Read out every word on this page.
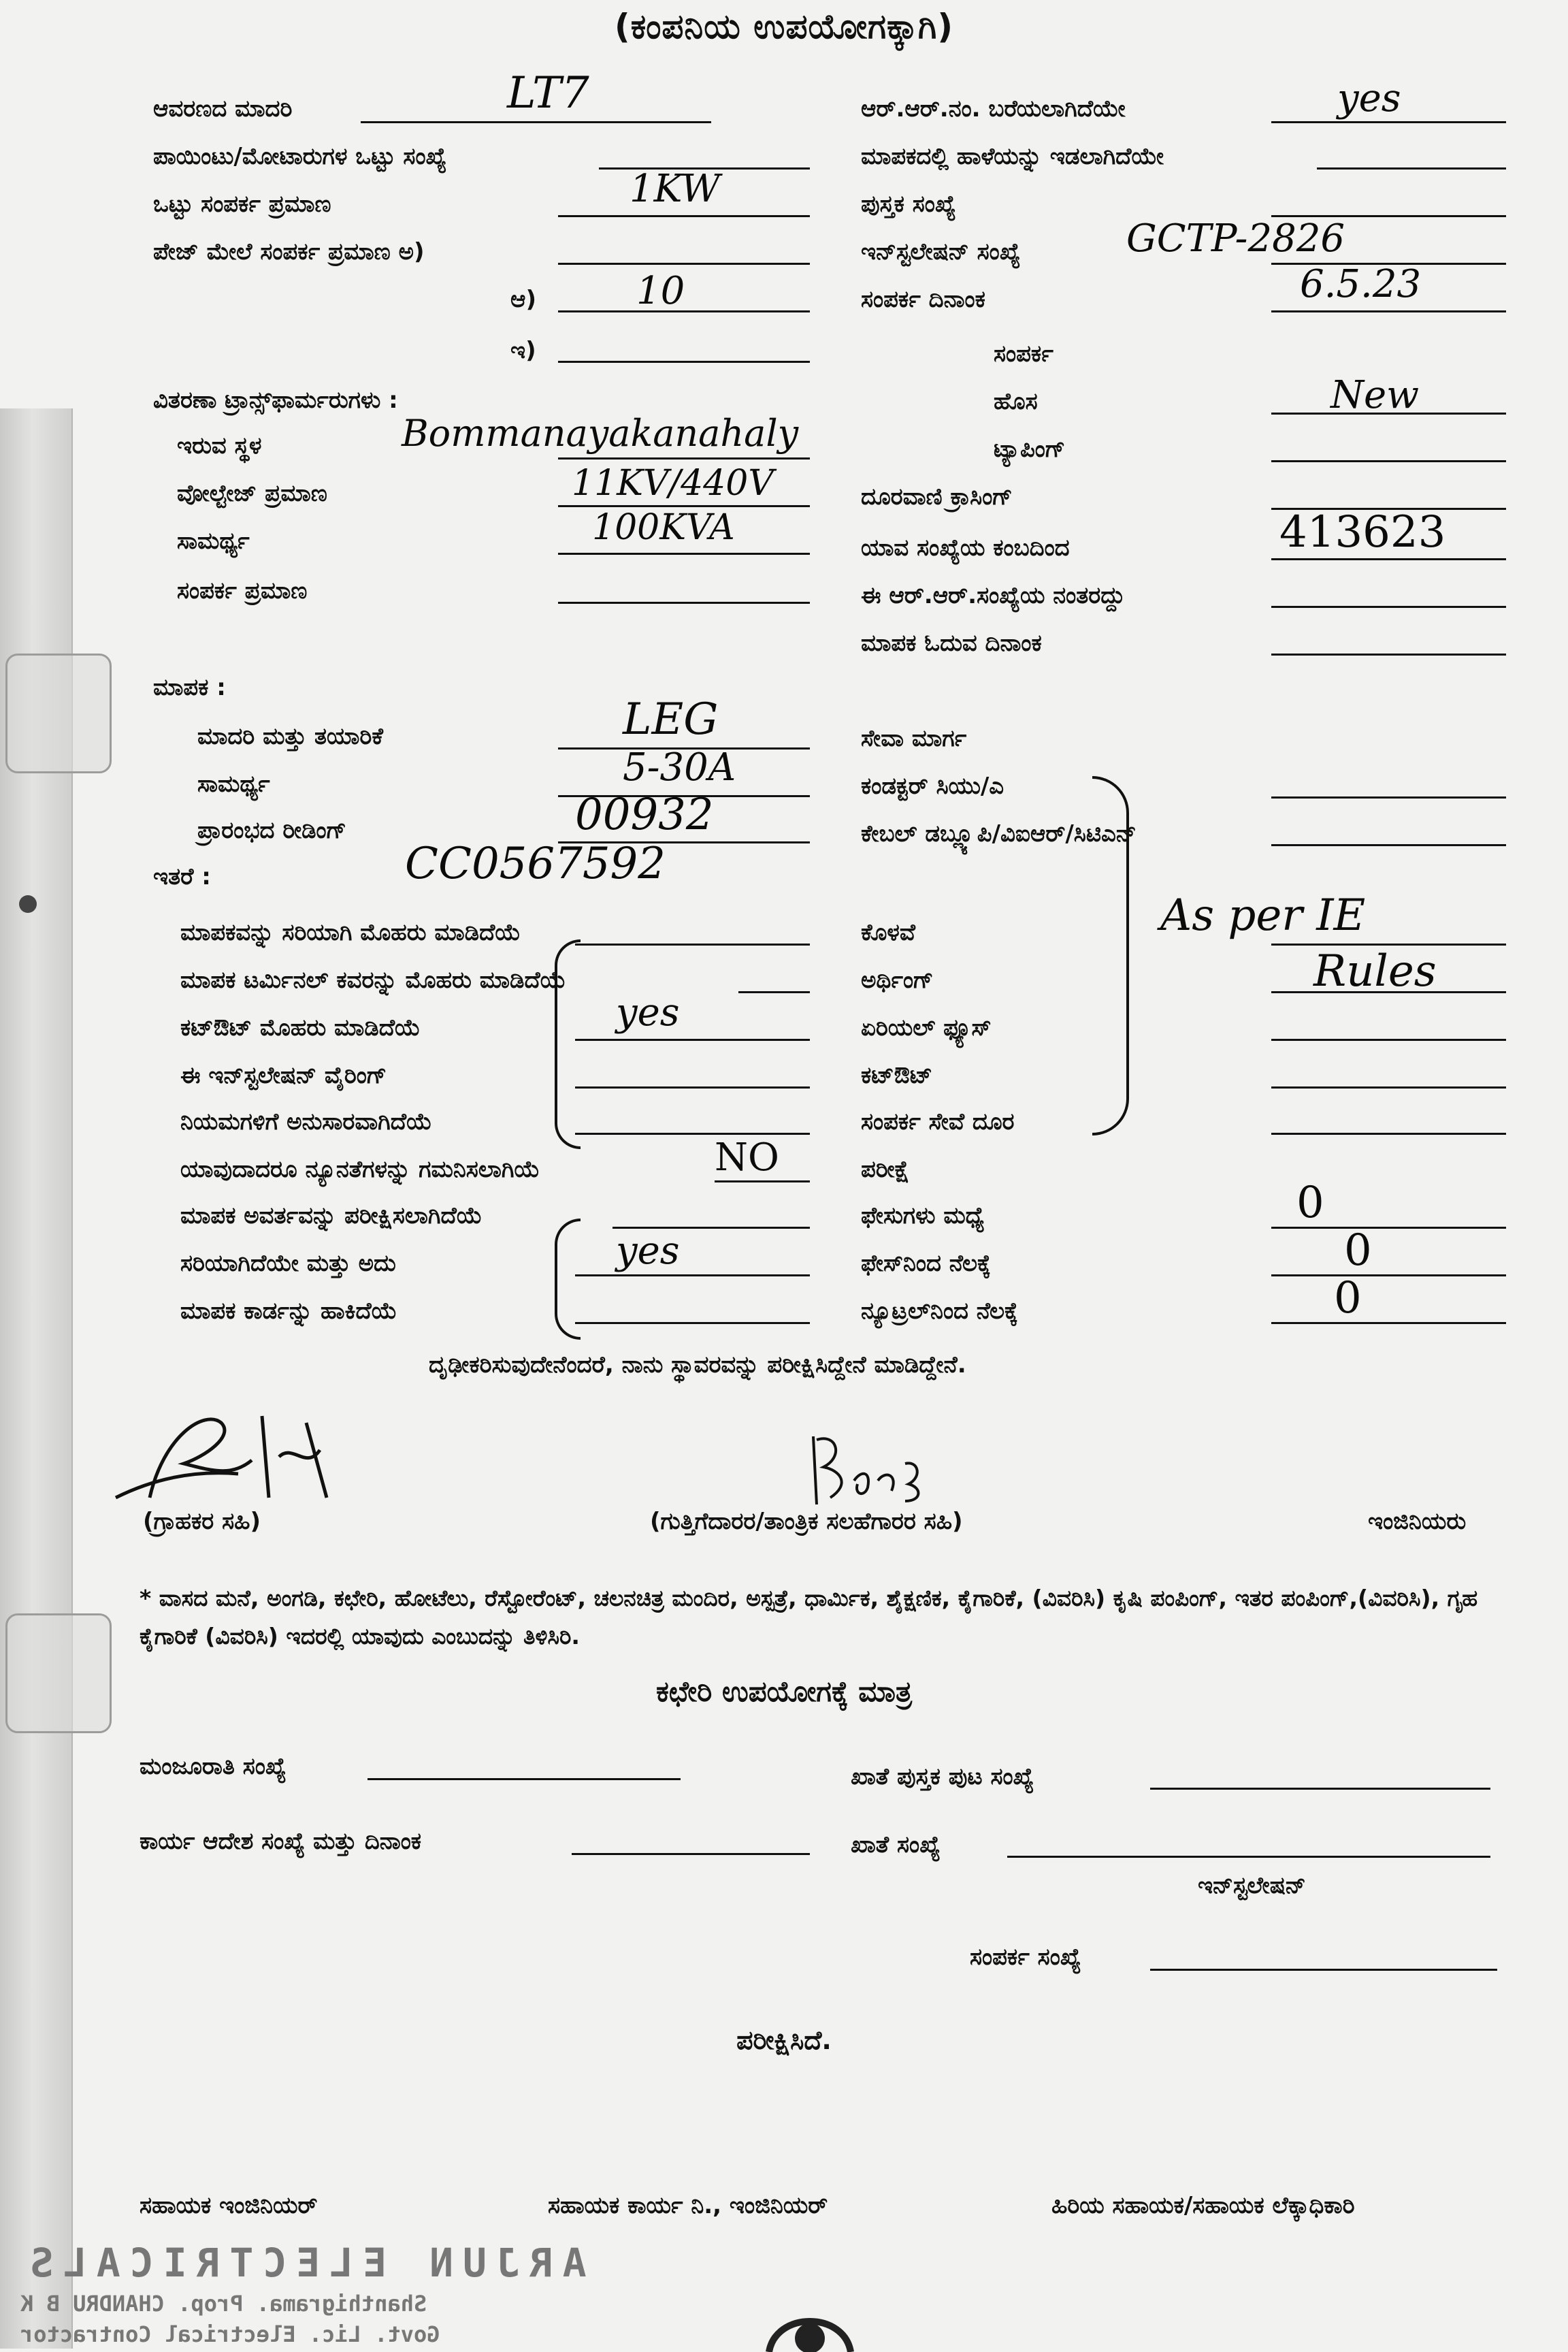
(ಕಂಪನಿಯ ಉಪಯೋಗಕ್ಕಾಗಿ)
ಆವರಣದ ಮಾದರಿ	LT7
ಪಾಯಿಂಟು/ಮೋಟಾರುಗಳ ಒಟ್ಟು ಸಂಖ್ಯೆ
ಒಟ್ಟು ಸಂಪರ್ಕ ಪ್ರಮಾಣ	1KW
ಪೇಜ್ ಮೇಲೆ ಸಂಪರ್ಕ ಪ್ರಮಾಣ ಅ)
ಆ)	10
ಇ)
ವಿತರಣಾ ಟ್ರಾನ್ಸ್‌ಫಾರ್ಮರುಗಳು :
ಇರುವ ಸ್ಥಳ	Bommanayakanahaly
ವೋಲ್ಟೇಜ್ ಪ್ರಮಾಣ	11KV/440V
ಸಾಮರ್ಥ್ಯ	100KVA
ಸಂಪರ್ಕ ಪ್ರಮಾಣ
ಮಾಪಕ :
ಮಾದರಿ ಮತ್ತು ತಯಾರಿಕೆ	LEG
ಸಾಮರ್ಥ್ಯ	5-30A
ಪ್ರಾರಂಭದ ರೀಡಿಂಗ್	00932
ಇತರೆ :	CC0567592
ಮಾಪಕವನ್ನು ಸರಿಯಾಗಿ ಮೊಹರು ಮಾಡಿದೆಯೆ
ಮಾಪಕ ಟರ್ಮಿನಲ್ ಕವರನ್ನು ಮೊಹರು ಮಾಡಿದೆಯೆ
ಕಟ್‌ಔಟ್ ಮೊಹರು ಮಾಡಿದೆಯೆ	yes
ಈ ಇನ್‌ಸ್ಟಲೇಷನ್ ವೈರಿಂಗ್
ನಿಯಮಗಳಿಗೆ ಅನುಸಾರವಾಗಿದೆಯೆ
ಯಾವುದಾದರೂ ನ್ಯೂನತೆಗಳನ್ನು ಗಮನಿಸಲಾಗಿಯೆ	NO
ಮಾಪಕ ಅವರ್ತವನ್ನು ಪರೀಕ್ಷಿಸಲಾಗಿದೆಯೆ
ಸರಿಯಾಗಿದೆಯೇ ಮತ್ತು ಅದು	yes
ಮಾಪಕ ಕಾರ್ಡನ್ನು ಹಾಕಿದೆಯೆ
ಆರ್.ಆರ್.ನಂ. ಬರೆಯಲಾಗಿದೆಯೇ	yes
ಮಾಪಕದಲ್ಲಿ ಹಾಳೆಯನ್ನು ಇಡಲಾಗಿದೆಯೇ
ಪುಸ್ತಕ ಸಂಖ್ಯೆ
ಇನ್‌ಸ್ಟಲೇಷನ್ ಸಂಖ್ಯೆ	GCTP-2826
ಸಂಪರ್ಕ ದಿನಾಂಕ	6.5.23
ಸಂಪರ್ಕ
ಹೊಸ	New
ಟ್ಯಾಪಿಂಗ್
ದೂರವಾಣಿ ಕ್ರಾಸಿಂಗ್
ಯಾವ ಸಂಖ್ಯೆಯ ಕಂಬದಿಂದ	413623
ಈ ಆರ್.ಆರ್.ಸಂಖ್ಯೆಯ ನಂತರದ್ದು
ಮಾಪಕ ಓದುವ ದಿನಾಂಕ
ಸೇವಾ ಮಾರ್ಗ
ಕಂಡಕ್ಟರ್ ಸಿಯು/ಎ
ಕೇಬಲ್ ಡಬ್ಲ್ಯೂಪಿ/ವಿಐಆರ್/ಸಿಟಿಎನ್
ಕೊಳವೆ	As per IE
ಅರ್ಥಿಂಗ್	Rules
ಏರಿಯಲ್ ಫ್ಯೂಸ್
ಕಟ್‌ಔಟ್
ಸಂಪರ್ಕ ಸೇವೆ ದೂರ
ಪರೀಕ್ಷೆ
ಫೇಸುಗಳು ಮಧ್ಯೆ	0
ಫೇಸ್‌ನಿಂದ ನೆಲಕ್ಕೆ	0
ನ್ಯೂಟ್ರಲ್‌ನಿಂದ ನೆಲಕ್ಕೆ	0
ದೃಢೀಕರಿಸುವುದೇನೆಂದರೆ, ನಾನು ಸ್ಥಾವರವನ್ನು ಪರೀಕ್ಷಿಸಿದ್ದೇನೆ ಮಾಡಿದ್ದೇನೆ.
(ಗ್ರಾಹಕರ ಸಹಿ)	(ಗುತ್ತಿಗೆದಾರರ/ತಾಂತ್ರಿಕ ಸಲಹೆಗಾರರ ಸಹಿ)	ಇಂಜಿನಿಯರು
* ವಾಸದ ಮನೆ, ಅಂಗಡಿ, ಕಛೇರಿ, ಹೋಟೆಲು, ರೆಸ್ಟೋರೆಂಟ್, ಚಲನಚಿತ್ರ ಮಂದಿರ, ಅಸ್ಪತ್ರೆ, ಧಾರ್ಮಿಕ, ಶೈಕ್ಷಣಿಕ, ಕೈಗಾರಿಕೆ, (ವಿವರಿಸಿ) ಕೃಷಿ ಪಂಪಿಂಗ್, ಇತರ ಪಂಪಿಂಗ್,(ವಿವರಿಸಿ), ಗೃಹ ಕೈಗಾರಿಕೆ (ವಿವರಿಸಿ) ಇದರಲ್ಲಿ ಯಾವುದು ಎಂಬುದನ್ನು ತಿಳಿಸಿರಿ.
ಕಛೇರಿ ಉಪಯೋಗಕ್ಕೆ ಮಾತ್ರ
ಮಂಜೂರಾತಿ ಸಂಖ್ಯೆ	ಖಾತೆ ಪುಸ್ತಕ ಪುಟ ಸಂಖ್ಯೆ
ಕಾರ್ಯ ಆದೇಶ ಸಂಖ್ಯೆ ಮತ್ತು ದಿನಾಂಕ	ಖಾತೆ ಸಂಖ್ಯೆ
ಇನ್‌ಸ್ಟಲೇಷನ್
ಸಂಪರ್ಕ ಸಂಖ್ಯೆ
ಪರೀಕ್ಷಿಸಿದೆ.
ಸಹಾಯಕ ಇಂಜಿನಿಯರ್	ಸಹಾಯಕ ಕಾರ್ಯ ನಿ., ಇಂಜಿನಿಯರ್	ಹಿರಿಯ ಸಹಾಯಕ/ಸಹಾಯಕ ಲೆಕ್ಕಾಧಿಕಾರಿ
ARJUN ELECTRICALS
Shanthigrama. Prop. CHANDRU B K
Govt. Lic. Electrical Contractor
